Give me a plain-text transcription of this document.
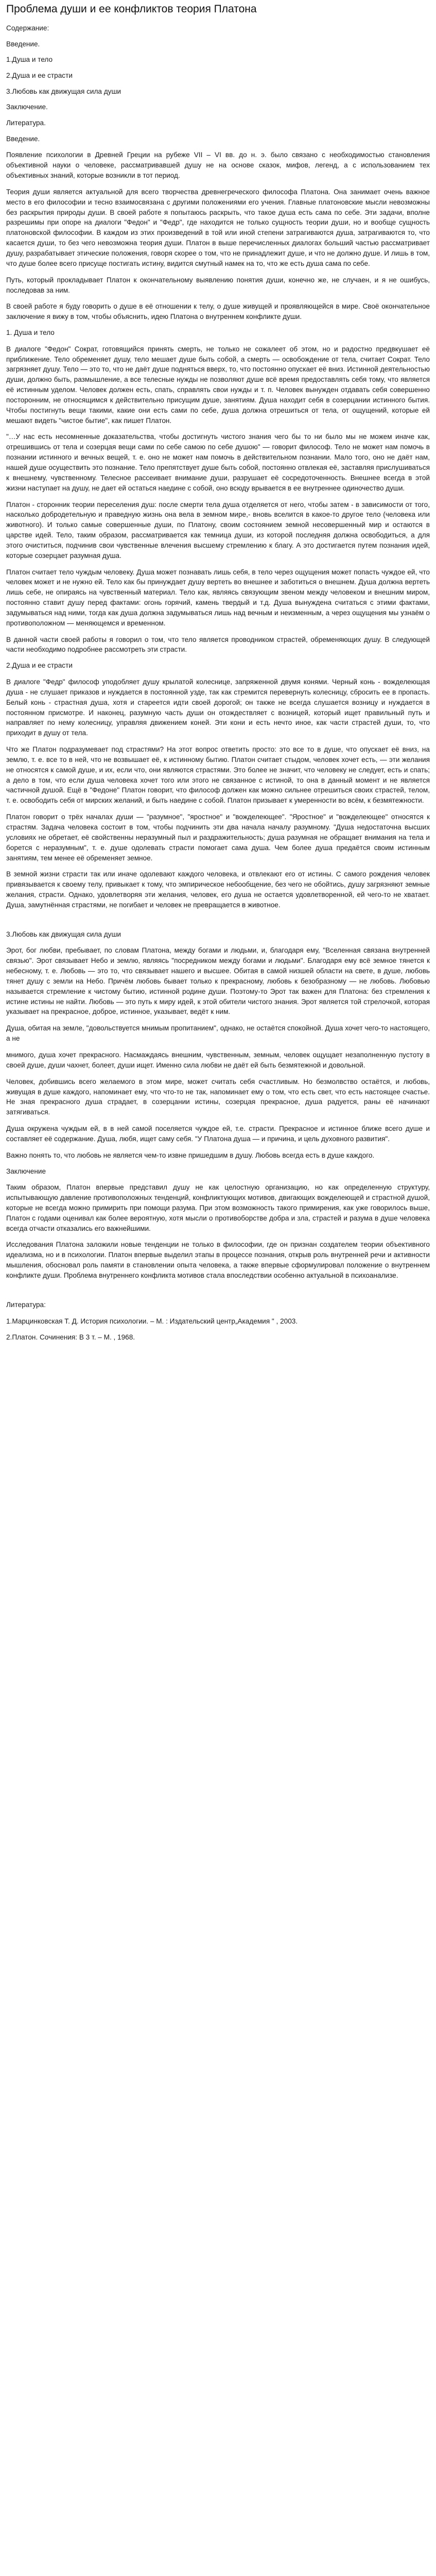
Проблема души и ее конфликтов теория Платона
Содержание:
Введение.
1.Душа и тело
2.Душа и ее страсти
3.Любовь как движущая сила души
Заключение.
Литература.
Введение.

Появление психологии в Древней Греции на рубеже VII – VI вв. до н. э. было связано с необходимостью становления объективной науки о человеке, рассматривавшей душу не на основе сказок, мифов, легенд, а с использованием тех объективных знаний, которые возникли в тот период.

Теория души является актуальной для всего творчества древнегреческого философа Платона. Она занимает очень важное место в его философии и тесно взаимосвязана с другими положениями его учения. Главные платоновские мысли невозможны без раскрытия природы души. В своей работе я попытаюсь раскрыть, что такое душа есть сама по себе. Эти задачи, вполне разрешимы при опоре на диалоги "Федон" и "Федр", где находится не только сущность теории души, но и вообще сущность платоновской философии. В каждом из этих произведений в той или иной степени затрагиваются душа, затрагиваются то, что касается души, то без чего невозможна теория души. Платон в выше перечисленных диалогах больший частью рассматривает душу, разрабатывает этические положения, говоря скорее о том, что не принадлежит душе, и что не должно душе. И лишь в том, что душе более всего присуще постигать истину, видится смутный намек на то, что же есть душа сама по себе.

Путь, который прокладывает Платон к окончательному выявлению понятия души, конечно же, не случаен, и я не ошибусь, последовав за ним.

В своей работе я буду говорить о душе в её отношении к телу, о душе живущей и проявляющейся в мире. Своё окончательное заключение я вижу в том, чтобы объяснить, идею Платона о внутреннем конфликте души.

1. Душа и тело

В диалоге "Федон" Сократ, готовящийся принять смерть, не только не сожалеет об этом, но и радостно предвкушает её приближение. Тело обременяет душу, тело мешает душе быть собой, а смерть — освобождение от тела, считает Сократ. Тело загрязняет душу. Тело — это то, что не даёт душе подняться вверх, то, что постоянно опускает её вниз. Истинной деятельностью души, должно быть, размышление, а все телесные нужды не позволяют душе всё время предоставлять себя тому, что является её истинным уделом. Человек должен есть, спать, справлять свои нужды и т. п. Человек вынужден отдавать себя совершенно посторонним, не относящимся к действительно присущим душе, занятиям. Душа находит себя в созерцании истинного бытия. Чтобы постигнуть вещи такими, какие они есть сами по себе, душа должна отрешиться от тела, от ощущений, которые ей мешают видеть "чистое бытие", как пишет Платон.

"…У нас есть несомненные доказательства, чтобы достигнуть чистого знания чего бы то ни было мы не можем иначе как, отрешившись от тела и созерцая вещи сами по себе самою по себе душою" — говорит философ. Тело не может нам помочь в познании истинного и вечных вещей, т. е. оно не может нам помочь в действительном познании. Мало того, оно не даёт нам, нашей душе осуществить это познание. Тело препятствует душе быть собой, постоянно отвлекая её, заставляя прислушиваться к внешнему, чувственному. Телесное рассеивает внимание души, разрушает её сосредоточенность. Внешнее всегда в этой жизни наступает на душу, не дает ей остаться наедине с собой, оно всюду врывается в ее внутреннее одиночество души.

Платон - сторонник теории переселения душ: после смерти тела душа отделяется от него, чтобы затем - в зависимости от того, насколько добродетельную и праведную жизнь она вела в земном мире,- вновь вселится в какое-то другое тело (человека или животного). И только самые совершенные души, по Платону, своим состоянием земной несовершенный мир и остаются в царстве идей. Тело, таким образом, рассматривается как темница души, из которой последняя должна освободиться, а для этого очиститься, подчинив свои чувственные влечения высшему стремлению к благу. А это достигается путем познания идей, которые созерцает разумная душа.

Платон считает тело чуждым человеку. Душа может познавать лишь себя, в тело через ощущения может попасть чуждое ей, что человек может и не нужно ей. Тело как бы принуждает душу вертеть во внешнее и заботиться о внешнем. Душа должна вертеть лишь себе, не опираясь на чувственный материал. Тело как, являясь связующим звеном между человеком и внешним миром, постоянно ставит душу перед фактами: огонь горячий, камень твердый и т.д. Душа вынуждена считаться с этими фактами, задумываться над ними, тогда как душа должна задумываться лишь над вечным и неизменным, а через ощущения мы узнаём о противоположном — меняющемся и временном.

В данной части своей работы я говорил о том, что тело является проводником страстей, обременяющих душу. В следующей части необходимо подробнее рассмотреть эти страсти.

2.Душа и ее страсти

В диалоге "Федр" философ уподобляет душу крылатой колеснице, запряженной двумя конями. Черный конь - вожделеющая душа - не слушает приказов и нуждается в постоянной узде, так как стремится перевернуть колесницу, сбросить ее в пропасть. Белый конь - страстная душа, хотя и стареется идти своей дорогой; он также не всегда слушается возницу и нуждается в постоянном присмотре. И наконец, разумную часть души он отождествляет с возницей, который ищет правильный путь и направляет по нему колесницу, управляя движением коней. Эти кони и есть нечто иное, как части страстей души, то, что приходит в душу от тела.

Что же Платон подразумевает под страстями? На этот вопрос ответить просто: это все то в душе, что опускает её вниз, на землю, т. е. все то в ней, что не возвышает её, к истинному бытию. Платон считает стыдом, человек хочет есть, — эти желания не относятся к самой душе, и их, если что, они являются страстями. Это более не значит, что человеку не следует, есть и спать; а дело в том, что если душа человека хочет того или этого не связанное с истиной, то она в данный момент и не является частичной душой. Ещё в "Федоне" Платон говорит, что философ должен как можно сильнее отрешиться своих страстей, телом, т. е. освободить себя от мирских желаний, и быть наедине с собой. Платон призывает к умеренности во всём, к безмятежности.

Платон говорит о трёх началах души — "разумное", "яростное" и "вожделеющее". "Яростное" и "вожделеющее" относятся к страстям. Задача человека состоит в том, чтобы подчинить эти два начала началу разумному. "Душа недостаточна высших условиях не обретает, её свойственны неразумный пыл и раздражительность; душа разумная не обращает внимания на тела и борется с неразумным", т. е. душе одолевать страсти помогает сама душа. Чем более душа предаётся своим истинным занятиям, тем менее её обременяет земное.

В земной жизни страсти так или иначе одолевают каждого человека, и отвлекают его от истины. С самого рождения человек привязывается к своему телу, привыкает к тому, что эмпирическое небообщение, без чего не обойтись, душу загрязняют земные желания, страсти. Однако, удовлетворяя эти желания, человек, его душа не остается удовлетворенной, ей чего-то не хватает. Душа, замутнённая страстями, не погибает и человек не превращается в животное.

3.Любовь как движущая сила души

Эрот, бог любви, пребывает, по словам Платона, между богами и людьми, и, благодаря ему, "Вселенная связана внутренней связью". Эрот связывает Небо и землю, являясь "посредником между богами и людьми". Благодаря ему всё земное тянется к небесному, т. е. Любовь — это то, что связывает нашего и высшее. Обитая в самой низшей области на свете, в душе, любовь тянет душу с земли на Небо. Причём любовь бывает только к прекрасному, любовь к безобразному — не любовь. Любовью называется стремление к чистому бытию, истинной родине души. Поэтому-то Эрот так важен для Платона: без стремления к истине истины не найти. Любовь — это путь к миру идей, к этой обители чистого знания. Эрот является той стрелочкой, которая указывает на прекрасное, доброе, истинное, указывает, ведёт к ним.

Душа, обитая на земле, "довольствуется мнимым пропитанием", однако, не остаётся спокойной. Душа хочет чего-то настоящего, а не

мнимого, душа хочет прекрасного. Насмаждаясь внешним, чувственным, земным, человек ощущает незаполненную пустоту в своей душе, души чахнет, болеет, души ищет. Именно сила любви не даёт ей быть безмятежной и довольной.

Человек, добившись всего желаемого в этом мире, может считать себя счастливым. Но безмолвство остаётся, и любовь, живущая в душе каждого, напоминает ему, что что-то не так, напоминает ему о том, что есть свет, что есть настоящее счастье. Не зная прекрасного душа страдает, в созерцании истины, созерцая прекрасное, душа радуется, раны её начинают затягиваться.

Душа окружена чуждым ей, в в ней самой поселяется чуждое ей, т.е. страсти. Прекрасное и истинное ближе всего душе и составляет её содержание. Душа, любя, ищет саму себя. "У Платона душа — и причина, и цель духовного развития".

Важно понять то, что любовь не является чем-то извне пришедшим в душу. Любовь всегда есть в душе каждого.

Заключение

Таким образом, Платон впервые представил душу не как целостную организацию, но как определенную структуру, испытывающую давление противоположных тенденций, конфликтующих мотивов, двигающих вожделеющей и страстной душой, которые не всегда можно примирить при помощи разума. При этом возможность такого примирения, как уже говорилось выше, Платон с годами оценивал как более вероятную, хотя мысли о противоборстве добра и зла, страстей и разума в душе человека всегда отчасти отказались его важнейшими.

Исследования Платона заложили новые тенденции не только в философии, где он признан создателем теории объективного идеализма, но и в психологии. Платон впервые выделил этапы в процессе познания, открыв роль внутренней речи и активности мышления, обосновал роль памяти в становлении опыта человека, а также впервые сформулировал положение о внутреннем конфликте души. Проблема внутреннего конфликта мотивов стала впоследствии особенно актуальной в психоанализе.

Литература:
1.Марцинковская Т. Д. История психологии. – М. : Издательский центр„Академия " , 2003.
2.Платон. Сочинения: В 3 т. – М. , 1968.
